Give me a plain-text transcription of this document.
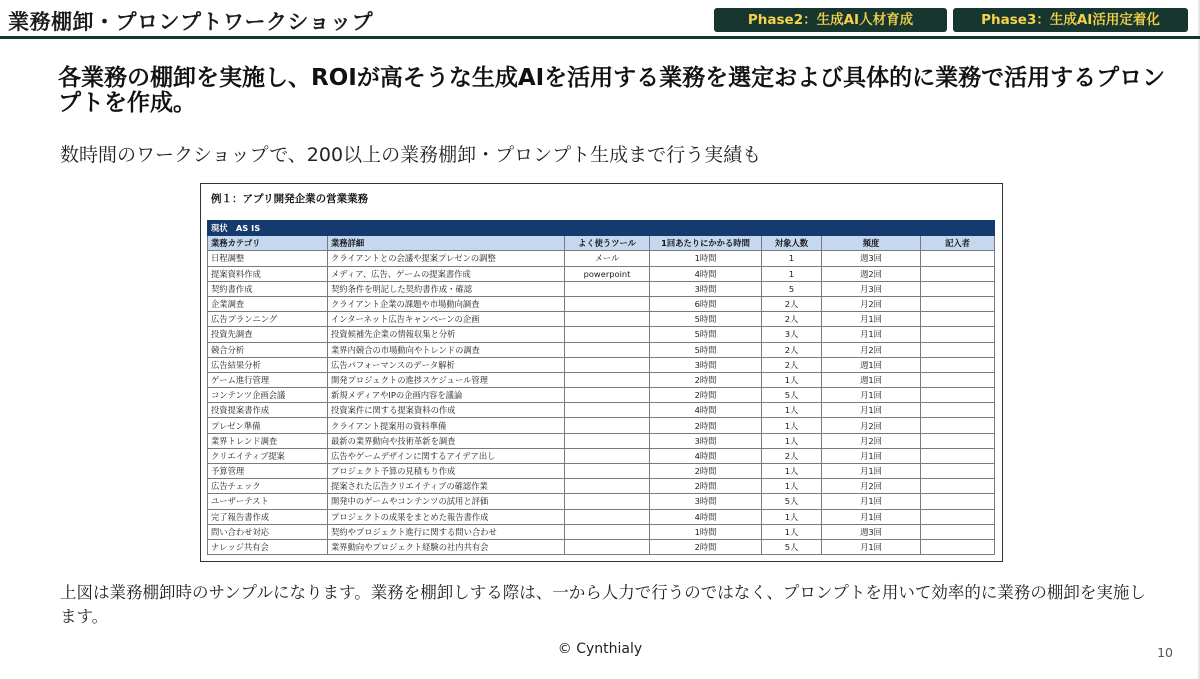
業務棚卸・プロンプトワークショップ	Phase2：生成AI人材育成	Phase3：生成AI活用定着化
各業務の棚卸を実施し、ROIが高そうな生成AIを活用する業務を選定および具体的に業務で活用するプロンプトを作成。
数時間のワークショップで、200以上の業務棚卸・プロンプト生成まで行う実績も
例１：アプリ開発企業の営業業務
現状　AS IS						
業務カテゴリ	業務詳細	よく使うツール	1回あたりにかかる時間	対象人数	頻度	記入者
日程調整	クライアントとの会議や提案プレゼンの調整	メール	1時間	1	週3回	
提案資料作成	メディア、広告、ゲームの提案書作成	powerpoint	4時間	1	週2回	
契約書作成	契約条件を明記した契約書作成・確認		3時間	5	月3回	
企業調査	クライアント企業の課題や市場動向調査		6時間	2人	月2回	
広告プランニング	インターネット広告キャンペーンの企画		5時間	2人	月1回	
投資先調査	投資候補先企業の情報収集と分析		5時間	3人	月1回	
競合分析	業界内競合の市場動向やトレンドの調査		5時間	2人	月2回	
広告結果分析	広告パフォーマンスのデータ解析		3時間	2人	週1回	
ゲーム進行管理	開発プロジェクトの進捗スケジュール管理		2時間	1人	週1回	
コンテンツ企画会議	新規メディアやIPの企画内容を議論		2時間	5人	月1回	
投資提案書作成	投資案件に関する提案資料の作成		4時間	1人	月1回	
プレゼン準備	クライアント提案用の資料準備		2時間	1人	月2回	
業界トレンド調査	最新の業界動向や技術革新を調査		3時間	1人	月2回	
クリエイティブ提案	広告やゲームデザインに関するアイデア出し		4時間	2人	月1回	
予算管理	プロジェクト予算の見積もり作成		2時間	1人	月1回	
広告チェック	提案された広告クリエイティブの確認作業		2時間	1人	月2回	
ユーザーテスト	開発中のゲームやコンテンツの試用と評価		3時間	5人	月1回	
完了報告書作成	プロジェクトの成果をまとめた報告書作成		4時間	1人	月1回	
問い合わせ対応	契約やプロジェクト進行に関する問い合わせ		1時間	1人	週3回	
ナレッジ共有会	業界動向やプロジェクト経験の社内共有会		2時間	5人	月1回	
上図は業務棚卸時のサンプルになります。業務を棚卸しする際は、一から人力で行うのではなく、プロンプトを用いて効率的に業務の棚卸を実施します。
© Cynthialy	10
